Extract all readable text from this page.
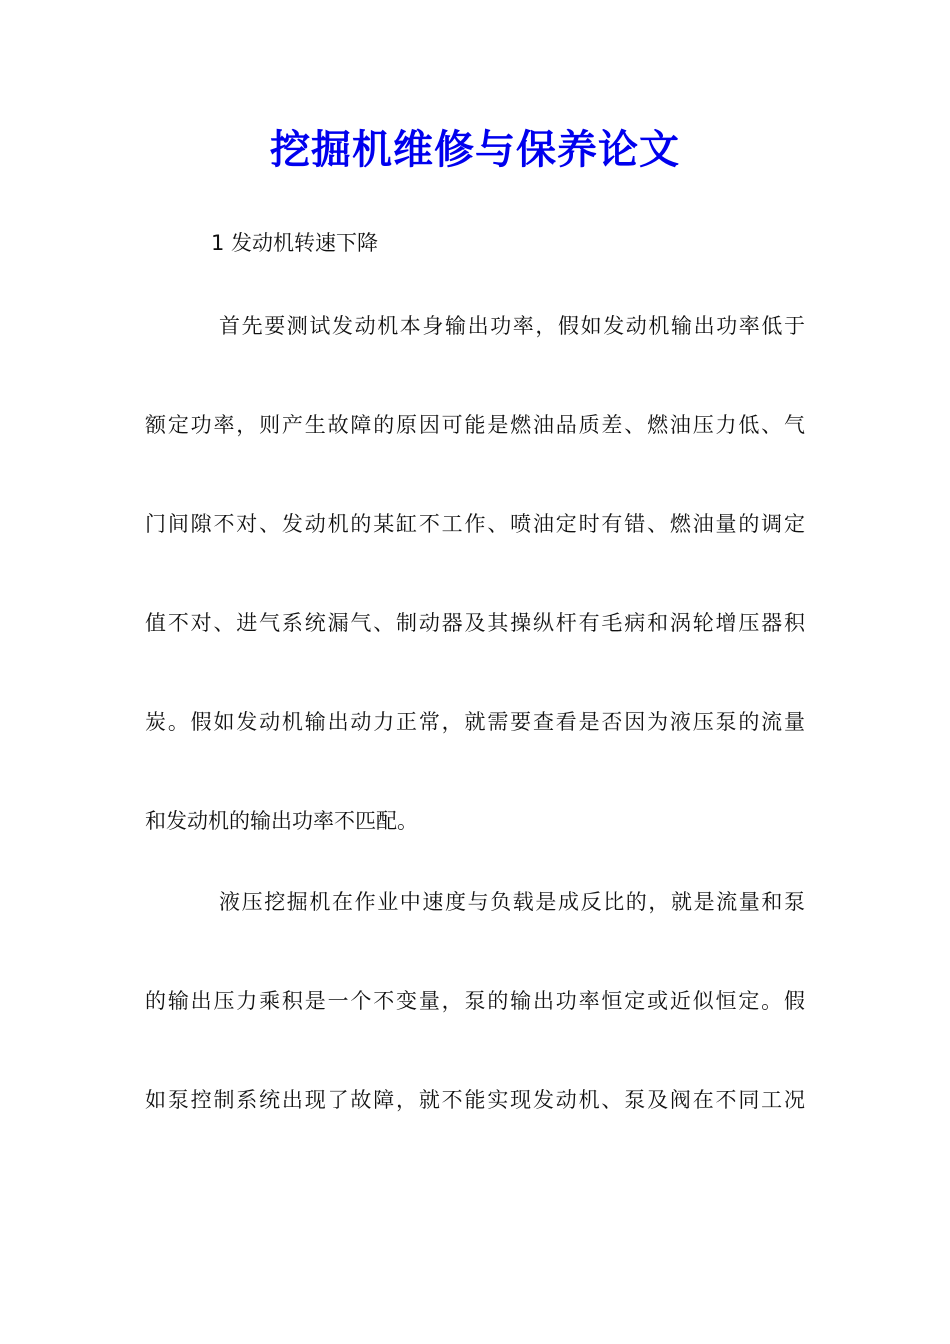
挖掘机维修与保养论文

1 发动机转速下降

首先要测试发动机本身输出功率，假如发动机输出功率低于

额定功率，则产生故障的原因可能是燃油品质差、燃油压力低、气

门间隙不对、发动机的某缸不工作、喷油定时有错、燃油量的调定

值不对、进气系统漏气、制动器及其操纵杆有毛病和涡轮增压器积

炭。假如发动机输出动力正常，就需要查看是否因为液压泵的流量

和发动机的输出功率不匹配。

液压挖掘机在作业中速度与负载是成反比的，就是流量和泵

的输出压力乘积是一个不变量，泵的输出功率恒定或近似恒定。假

如泵控制系统出现了故障，就不能实现发动机、泵及阀在不同工况
